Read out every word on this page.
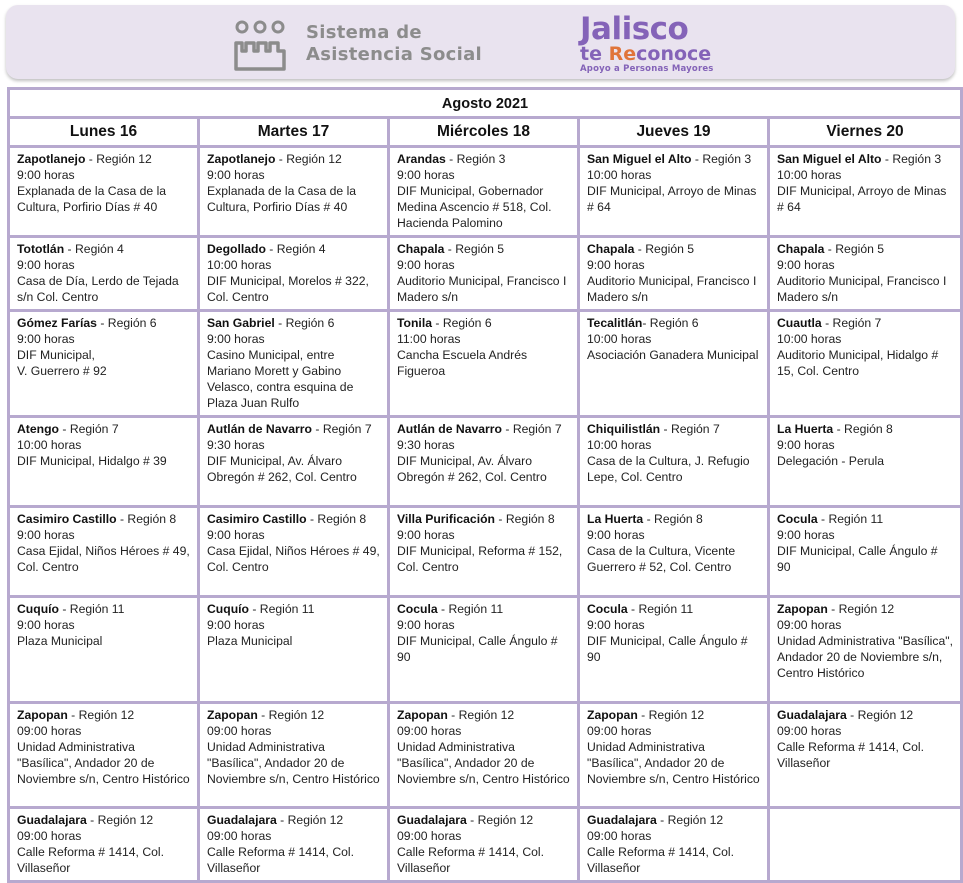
Sistema de
Asistencia Social
Jalisco
te Reconoce
Apoyo a Personas Mayores
Agosto 2021				
Lunes 16	Martes 17	Miércoles 18	Jueves 19	Viernes 20

Zapotlanejo - Región 12
9:00 horas
Explanada de la Casa de la Cultura, Porfirio Días # 40	Zapotlanejo - Región 12
9:00 horas
Explanada de la Casa de la Cultura, Porfirio Días # 40	Arandas - Región 3
9:00 horas
DIF Municipal, Gobernador Medina Ascencio # 518, Col. Hacienda Palomino	San Miguel el Alto - Región 3
10:00 horas
DIF Municipal, Arroyo de Minas # 64	San Miguel el Alto - Región 3
10:00 horas
DIF Municipal, Arroyo de Minas # 64

Tototlán - Región 4
9:00 horas
Casa de Día, Lerdo de Tejada s/n Col. Centro	Degollado - Región 4
10:00 horas
DIF Municipal, Morelos # 322, Col. Centro	Chapala - Región 5
9:00 horas
Auditorio Municipal, Francisco I Madero s/n	Chapala - Región 5
9:00 horas
Auditorio Municipal, Francisco I Madero s/n	Chapala - Región 5
9:00 horas
Auditorio Municipal, Francisco I Madero s/n

Gómez Farías - Región 6
9:00 horas
DIF Municipal,
V. Guerrero # 92	San Gabriel - Región 6
9:00 horas
Casino Municipal, entre Mariano Morett y Gabino Velasco, contra esquina de Plaza Juan Rulfo	Tonila - Región 6
11:00 horas
Cancha Escuela Andrés Figueroa	Tecalitlán- Región 6
10:00 horas
Asociación Ganadera Municipal	Cuautla - Región 7
10:00 horas
Auditorio Municipal, Hidalgo # 15, Col. Centro

Atengo - Región 7
10:00 horas
DIF Municipal, Hidalgo # 39	Autlán de Navarro - Región 7
9:30 horas
DIF Municipal, Av. Álvaro Obregón # 262, Col. Centro	Autlán de Navarro - Región 7
9:30 horas
DIF Municipal, Av. Álvaro Obregón # 262, Col. Centro	Chiquilistlán - Región 7
10:00 horas
Casa de la Cultura, J. Refugio Lepe, Col. Centro	La Huerta - Región 8
9:00 horas
Delegación - Perula

Casimiro Castillo - Región 8
9:00 horas
Casa Ejidal, Niños Héroes # 49, Col. Centro	Casimiro Castillo - Región 8
9:00 horas
Casa Ejidal, Niños Héroes # 49, Col. Centro	Villa Purificación - Región 8
9:00 horas
DIF Municipal, Reforma # 152, Col. Centro	La Huerta - Región 8
9:00 horas
Casa de la Cultura, Vicente Guerrero # 52, Col. Centro	Cocula - Región 11
9:00 horas
DIF Municipal, Calle Ángulo # 90

Cuquío - Región 11
9:00 horas
Plaza Municipal	Cuquío - Región 11
9:00 horas
Plaza Municipal	Cocula - Región 11
9:00 horas
DIF Municipal, Calle Ángulo # 90	Cocula - Región 11
9:00 horas
DIF Municipal, Calle Ángulo # 90	Zapopan - Región 12
09:00 horas
Unidad Administrativa "Basílica", Andador 20 de Noviembre s/n, Centro Histórico

Zapopan - Región 12
09:00 horas
Unidad Administrativa "Basílica", Andador 20 de Noviembre s/n, Centro Histórico	Zapopan - Región 12
09:00 horas
Unidad Administrativa "Basílica", Andador 20 de Noviembre s/n, Centro Histórico	Zapopan - Región 12
09:00 horas
Unidad Administrativa "Basílica", Andador 20 de Noviembre s/n, Centro Histórico	Zapopan - Región 12
09:00 horas
Unidad Administrativa "Basílica", Andador 20 de Noviembre s/n, Centro Histórico	Guadalajara - Región 12
09:00 horas
Calle Reforma # 1414, Col. Villaseñor

Guadalajara - Región 12
09:00 horas
Calle Reforma # 1414, Col. Villaseñor	Guadalajara - Región 12
09:00 horas
Calle Reforma # 1414, Col. Villaseñor	Guadalajara - Región 12
09:00 horas
Calle Reforma # 1414, Col. Villaseñor	Guadalajara - Región 12
09:00 horas
Calle Reforma # 1414, Col. Villaseñor	
